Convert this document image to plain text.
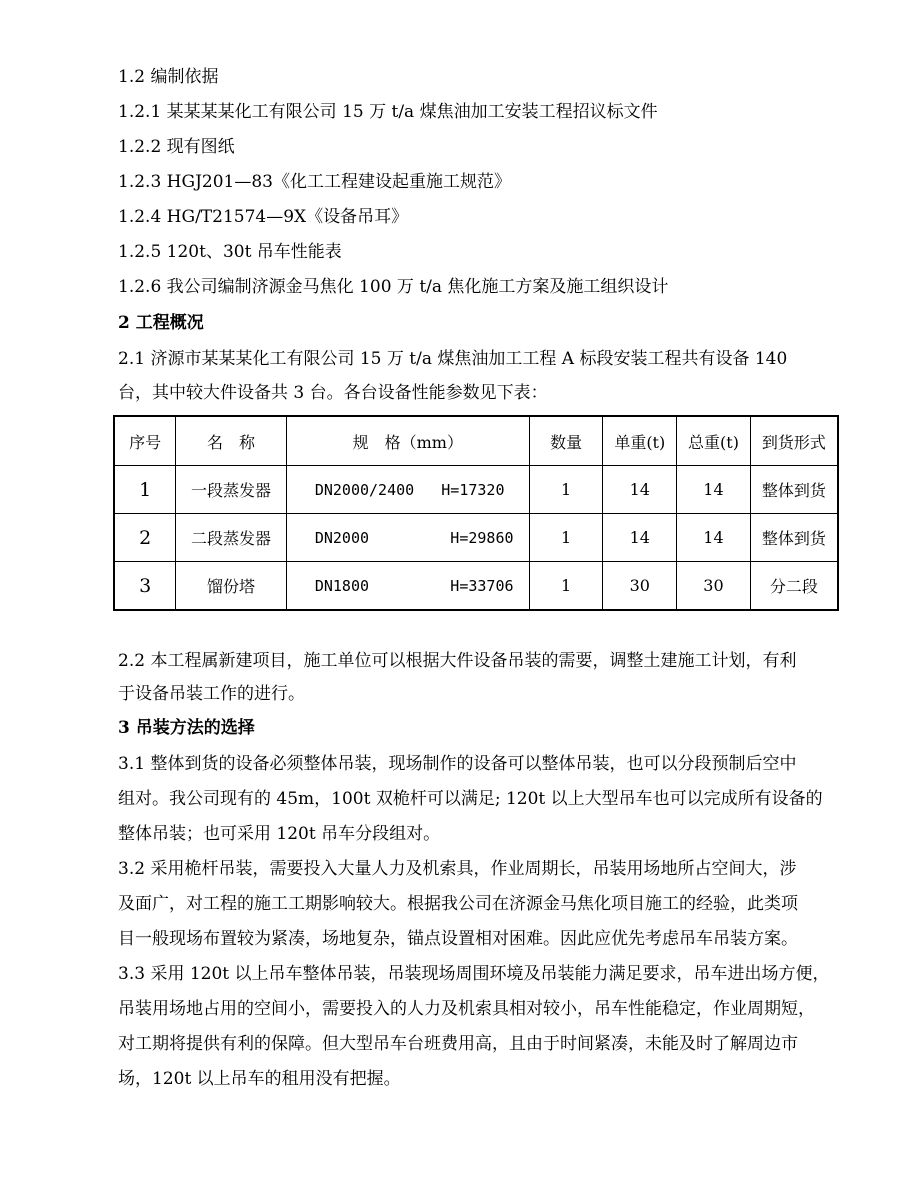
1.2 编制依据
1.2.1 某某某某化工有限公司 15 万 t/a 煤焦油加工安装工程招议标文件
1.2.2 现有图纸
1.2.3 HGJ201—83《化工工程建设起重施工规范》
1.2.4 HG/T21574—9X《设备吊耳》
1.2.5 120t、30t 吊车性能表
1.2.6 我公司编制济源金马焦化 100 万 t/a 焦化施工方案及施工组织设计
2 工程概况
2.1 济源市某某某化工有限公司 15 万 t/a 煤焦油加工工程 A 标段安装工程共有设备 140
台，其中较大件设备共 3 台。各台设备性能参数见下表：
序号	名　称	规　格（mm）	数量	单重(t)	总重(t)	到货形式
1	一段蒸发器	DN2000/2400   H=17320	1	14	14	整体到货
2	二段蒸发器	DN2000         H=29860	1	14	14	整体到货
3	馏份塔	DN1800         H=33706	1	30	30	分二段
2.2 本工程属新建项目，施工单位可以根据大件设备吊装的需要，调整土建施工计划，有利
于设备吊装工作的进行。
3 吊装方法的选择
3.1 整体到货的设备必须整体吊装，现场制作的设备可以整体吊装，也可以分段预制后空中
组对。我公司现有的 45m，100t 双桅杆可以满足; 120t 以上大型吊车也可以完成所有设备的
整体吊装；也可采用 120t 吊车分段组对。
3.2 采用桅杆吊装，需要投入大量人力及机索具，作业周期长，吊装用场地所占空间大，涉
及面广，对工程的施工工期影响较大。根据我公司在济源金马焦化项目施工的经验，此类项
目一般现场布置较为紧凑，场地复杂，锚点设置相对困难。因此应优先考虑吊车吊装方案。
3.3 采用 120t 以上吊车整体吊装，吊装现场周围环境及吊装能力满足要求，吊车进出场方便，
吊装用场地占用的空间小，需要投入的人力及机索具相对较小，吊车性能稳定，作业周期短，
对工期将提供有利的保障。但大型吊车台班费用高，且由于时间紧凑，未能及时了解周边市
场，120t 以上吊车的租用没有把握。
